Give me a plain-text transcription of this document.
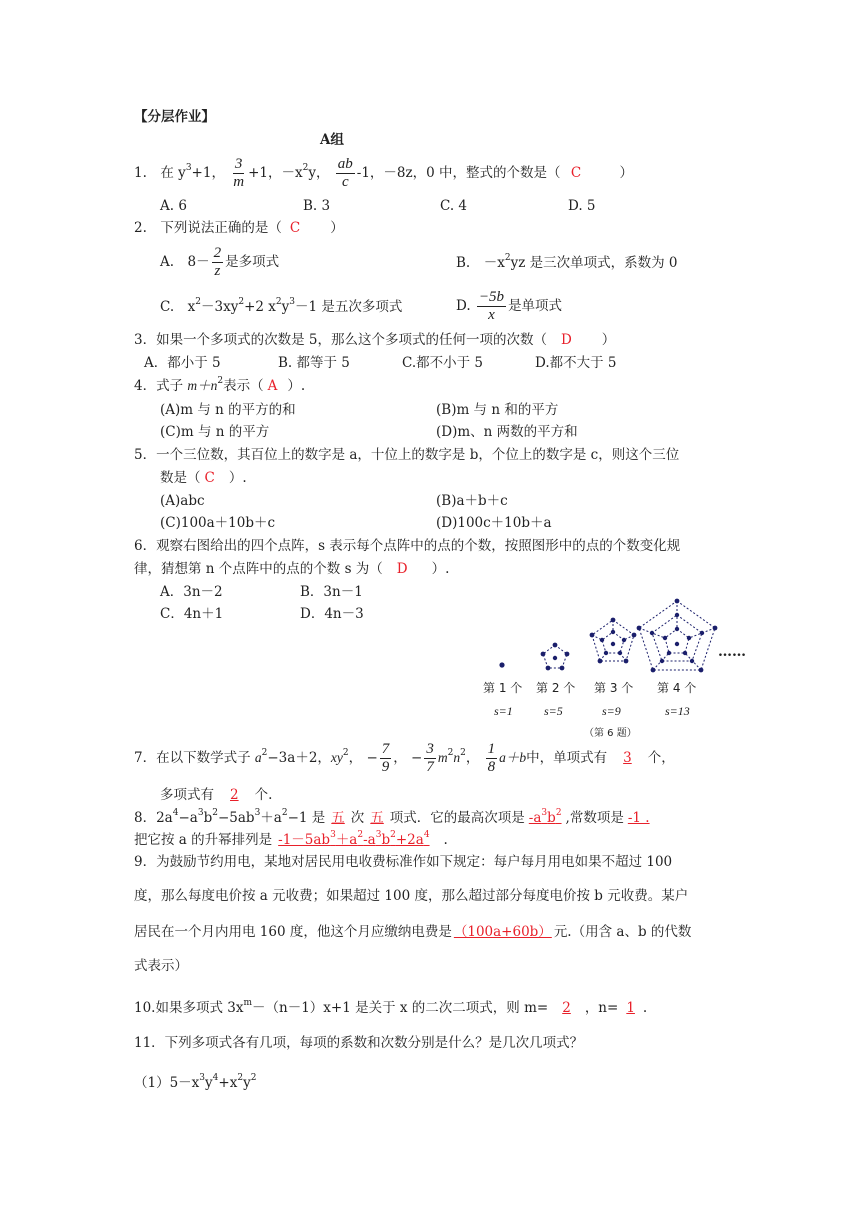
【分层作业】
A组
1.　在 $y^3+1$， $\frac{3}{m} +1$，$-x^2y$， $\frac{ab}{c} -1$，－8z，0 中，整式的个数是（ C	）
A. 6	B. 3	C. 4	D. 5
2.　下列说法正确的是（ C ）
A.　$8- \frac{2}{z}$ 是多项式	B.　$-x^2yz$ 是三次单项式，系数为 0
C.　$x^2-3xy^2+2$ $x^2y^3-1$ 是五次多项式	D. $\frac{-5b}{x}$ 是单项式
3．如果一个多项式的次数是 5，那么这个多项式的任何一项的次数（ D ）
A．都小于 5	B. 都等于 5	C.都不小于 5	D.都不大于 5
4．式子 $m+n^2$表示（ A ）.
(A)m 与 n 的平方的和	(B)m 与 n 和的平方
(C)m 与 n 的平方	(D)m、n 两数的平方和
5．一个三位数，其百位上的数字是 a，十位上的数字是 b，个位上的数字是 c，则这个三位
数是（ C ）.
(A)abc	(B)a＋b＋c
(C)100a＋10b＋c	(D)100c＋10b＋a
6．观察右图给出的四个点阵，s 表示每个点阵中的点的个数，按照图形中的点的个数变化规
律，猜想第 n 个点阵中的点的个数 s 为（ D ）.
A．3n－2	B．3n－1
C．4n＋1	D．4n－3
……
第 1 个 第 2 个 第 3 个 第 4 个
s=1	s=5	s=9	s=13
（第 6 题）
7．在以下数学式子 $a^2-3a+2$，$xy^2$， − $\frac{7}{9}$ ， − $\frac{3}{7} m^2n^2$， $\frac{1}{8} a+b$中，单项式有 3 个，
多项式有 2 个.
8．$2a^4-a^3b^2-5ab^3+a^2-1$ 是 五 次 五 项式．它的最高次项是 $-a^3b^2$ ,常数项是 -1 .
把它按 a 的升幂排列是 $-1-5ab^3+a^2-a^3b^2+2a^4$ .
9．为鼓励节约用电，某地对居民用电收费标准作如下规定：每户每月用电如果不超过 100
度，那么每度电价按 a 元收费；如果超过 100 度，那么超过部分每度电价按 b 元收费。某户
居民在一个月内用电 160 度，他这个月应缴纳电费是 （100a+60b） 元.（用含 a、b 的代数
式表示）
10.如果多项式 $3x^m-(n-1)x+1$ 是关于 x 的二次二项式，则 m= 2 ，n= 1 .
11．下列多项式各有几项，每项的系数和次数分别是什么？是几次几项式？
$(1)5-x^3y^4+x^2y^2$
